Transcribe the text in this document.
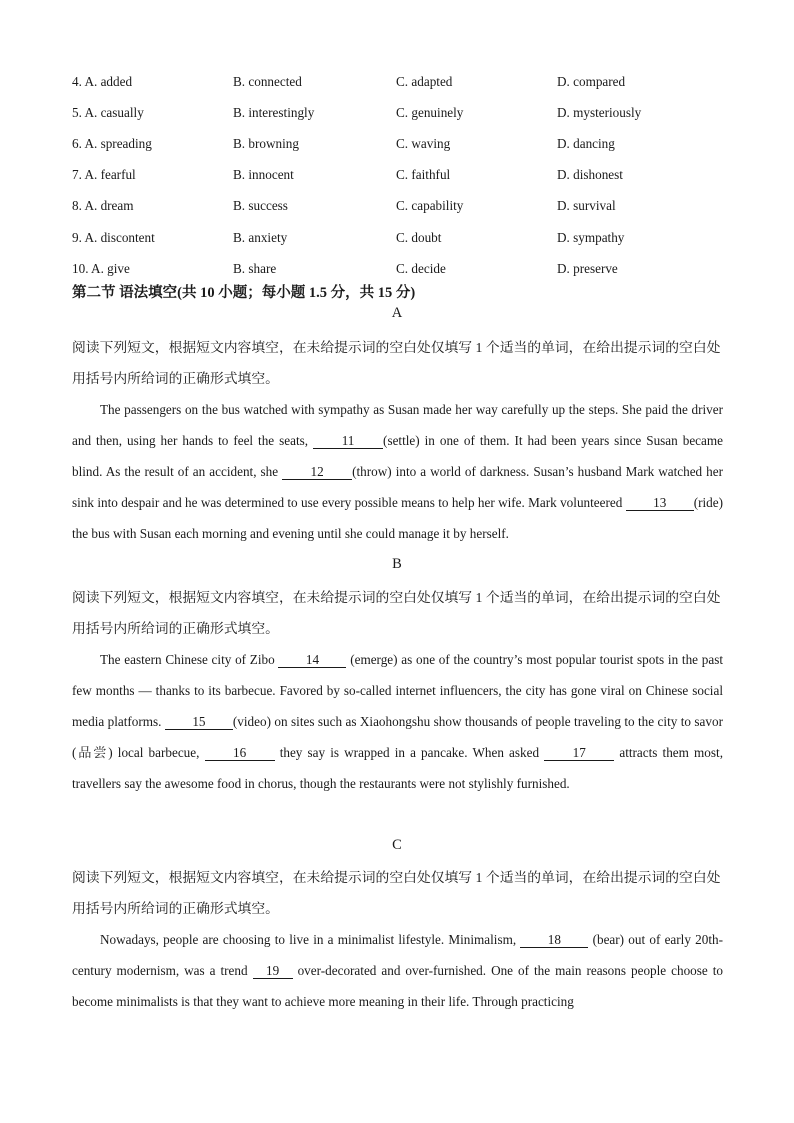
4. A. added	B. connected	C. adapted	D. compared
5. A. casually	B. interestingly	C. genuinely	D. mysteriously
6. A. spreading	B. browning	C. waving	D. dancing
7. A. fearful	B. innocent	C. faithful	D. dishonest
8. A. dream	B. success	C. capability	D. survival
9. A. discontent	B. anxiety	C. doubt	D. sympathy
10. A. give	B. share	C. decide	D. preserve
第二节 语法填空(共 10 小题；每小题 1.5 分，共 15 分)
A
阅读下列短文，根据短文内容填空，在未给提示词的空白处仅填写 1 个适当的单词，在给出提示词的空白处用括号内所给词的正确形式填空。
The passengers on the bus watched with sympathy as Susan made her way carefully up the steps. She paid the driver and then, using her hands to feel the seats, 11 (settle) in one of them. It had been years since Susan became blind. As the result of an accident, she 12 (throw) into a world of darkness. Susan’s husband Mark watched her sink into despair and he was determined to use every possible means to help her wife. Mark volunteered 13 (ride) the bus with Susan each morning and evening until she could manage it by herself.
B
阅读下列短文，根据短文内容填空，在未给提示词的空白处仅填写 1 个适当的单词，在给出提示词的空白处用括号内所给词的正确形式填空。
The eastern Chinese city of Zibo 14 (emerge) as one of the country’s most popular tourist spots in the past few months — thanks to its barbecue. Favored by so-called internet influencers, the city has gone viral on Chinese social media platforms. 15 (video) on sites such as Xiaohongshu show thousands of people traveling to the city to savor (品尝) local barbecue, 16 they say is wrapped in a pancake. When asked 17 attracts them most, travellers say the awesome food in chorus, though the restaurants were not stylishly furnished.
C
阅读下列短文，根据短文内容填空，在未给提示词的空白处仅填写 1 个适当的单词，在给出提示词的空白处用括号内所给词的正确形式填空。
Nowadays, people are choosing to live in a minimalist lifestyle. Minimalism, 18 (bear) out of early 20th-century modernism, was a trend 19 over-decorated and over-furnished. One of the main reasons people choose to become minimalists is that they want to achieve more meaning in their life. Through practicing
